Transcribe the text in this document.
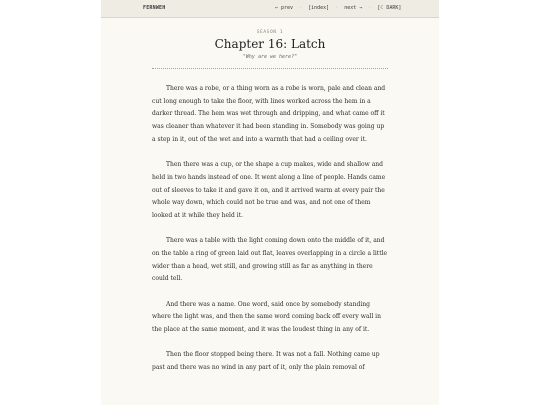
FERNWEH	← prev · [index] · next → · [☾ DARK]
SEASON 1
Chapter 16: Latch
"Why are we here?"

There was a robe, or a thing worn as a robe is worn, pale and clean and cut long enough to take the floor, with lines worked across the hem in a darker thread. The hem was wet through and dripping, and what came off it was cleaner than whatever it had been standing in. Somebody was going up a step in it, out of the wet and into a warmth that had a ceiling over it.

Then there was a cup, or the shape a cup makes, wide and shallow and held in two hands instead of one. It went along a line of people. Hands came out of sleeves to take it and gave it on, and it arrived warm at every pair the whole way down, which could not be true and was, and not one of them looked at it while they held it.

There was a table with the light coming down onto the middle of it, and on the table a ring of green laid out flat, leaves overlapping in a circle a little wider than a head, wet still, and growing still as far as anything in there could tell.

And there was a name. One word, said once by somebody standing where the light was, and then the same word coming back off every wall in the place at the same moment, and it was the loudest thing in any of it.

Then the floor stopped being there. It was not a fall. Nothing came up past and there was no wind in any part of it, only the plain removal of
